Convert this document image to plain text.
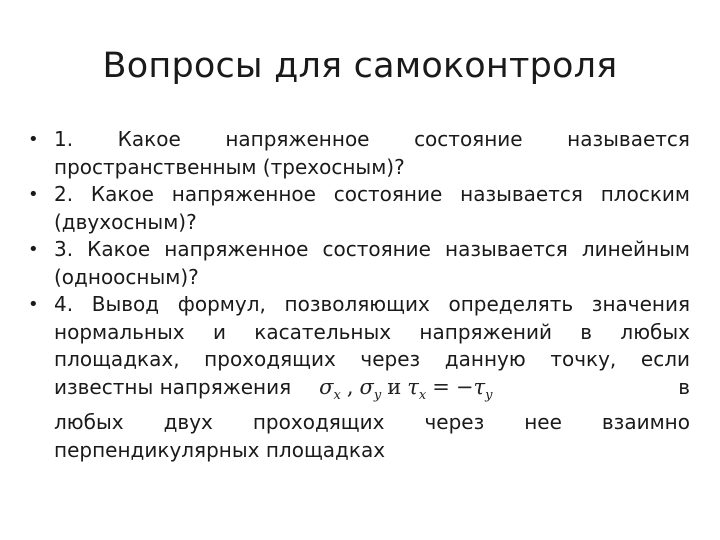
Вопросы для самоконтроля
• 1. Какое напряженное состояние называется
пространственным (трехосным)?
• 2. Какое напряженное состояние называется плоским
(двухосным)?
• 3. Какое напряженное состояние называется линейным
(одноосным)?
• 4. Вывод формул, позволяющих определять значения
нормальных и касательных напряжений в любых
площадках, проходящих через данную точку, если
известны напряжения $\sigma_x$ , $\sigma_y$ и $\tau_x = -\tau_y$	в
любых двух проходящих через нее взаимно
перпендикулярных площадках
